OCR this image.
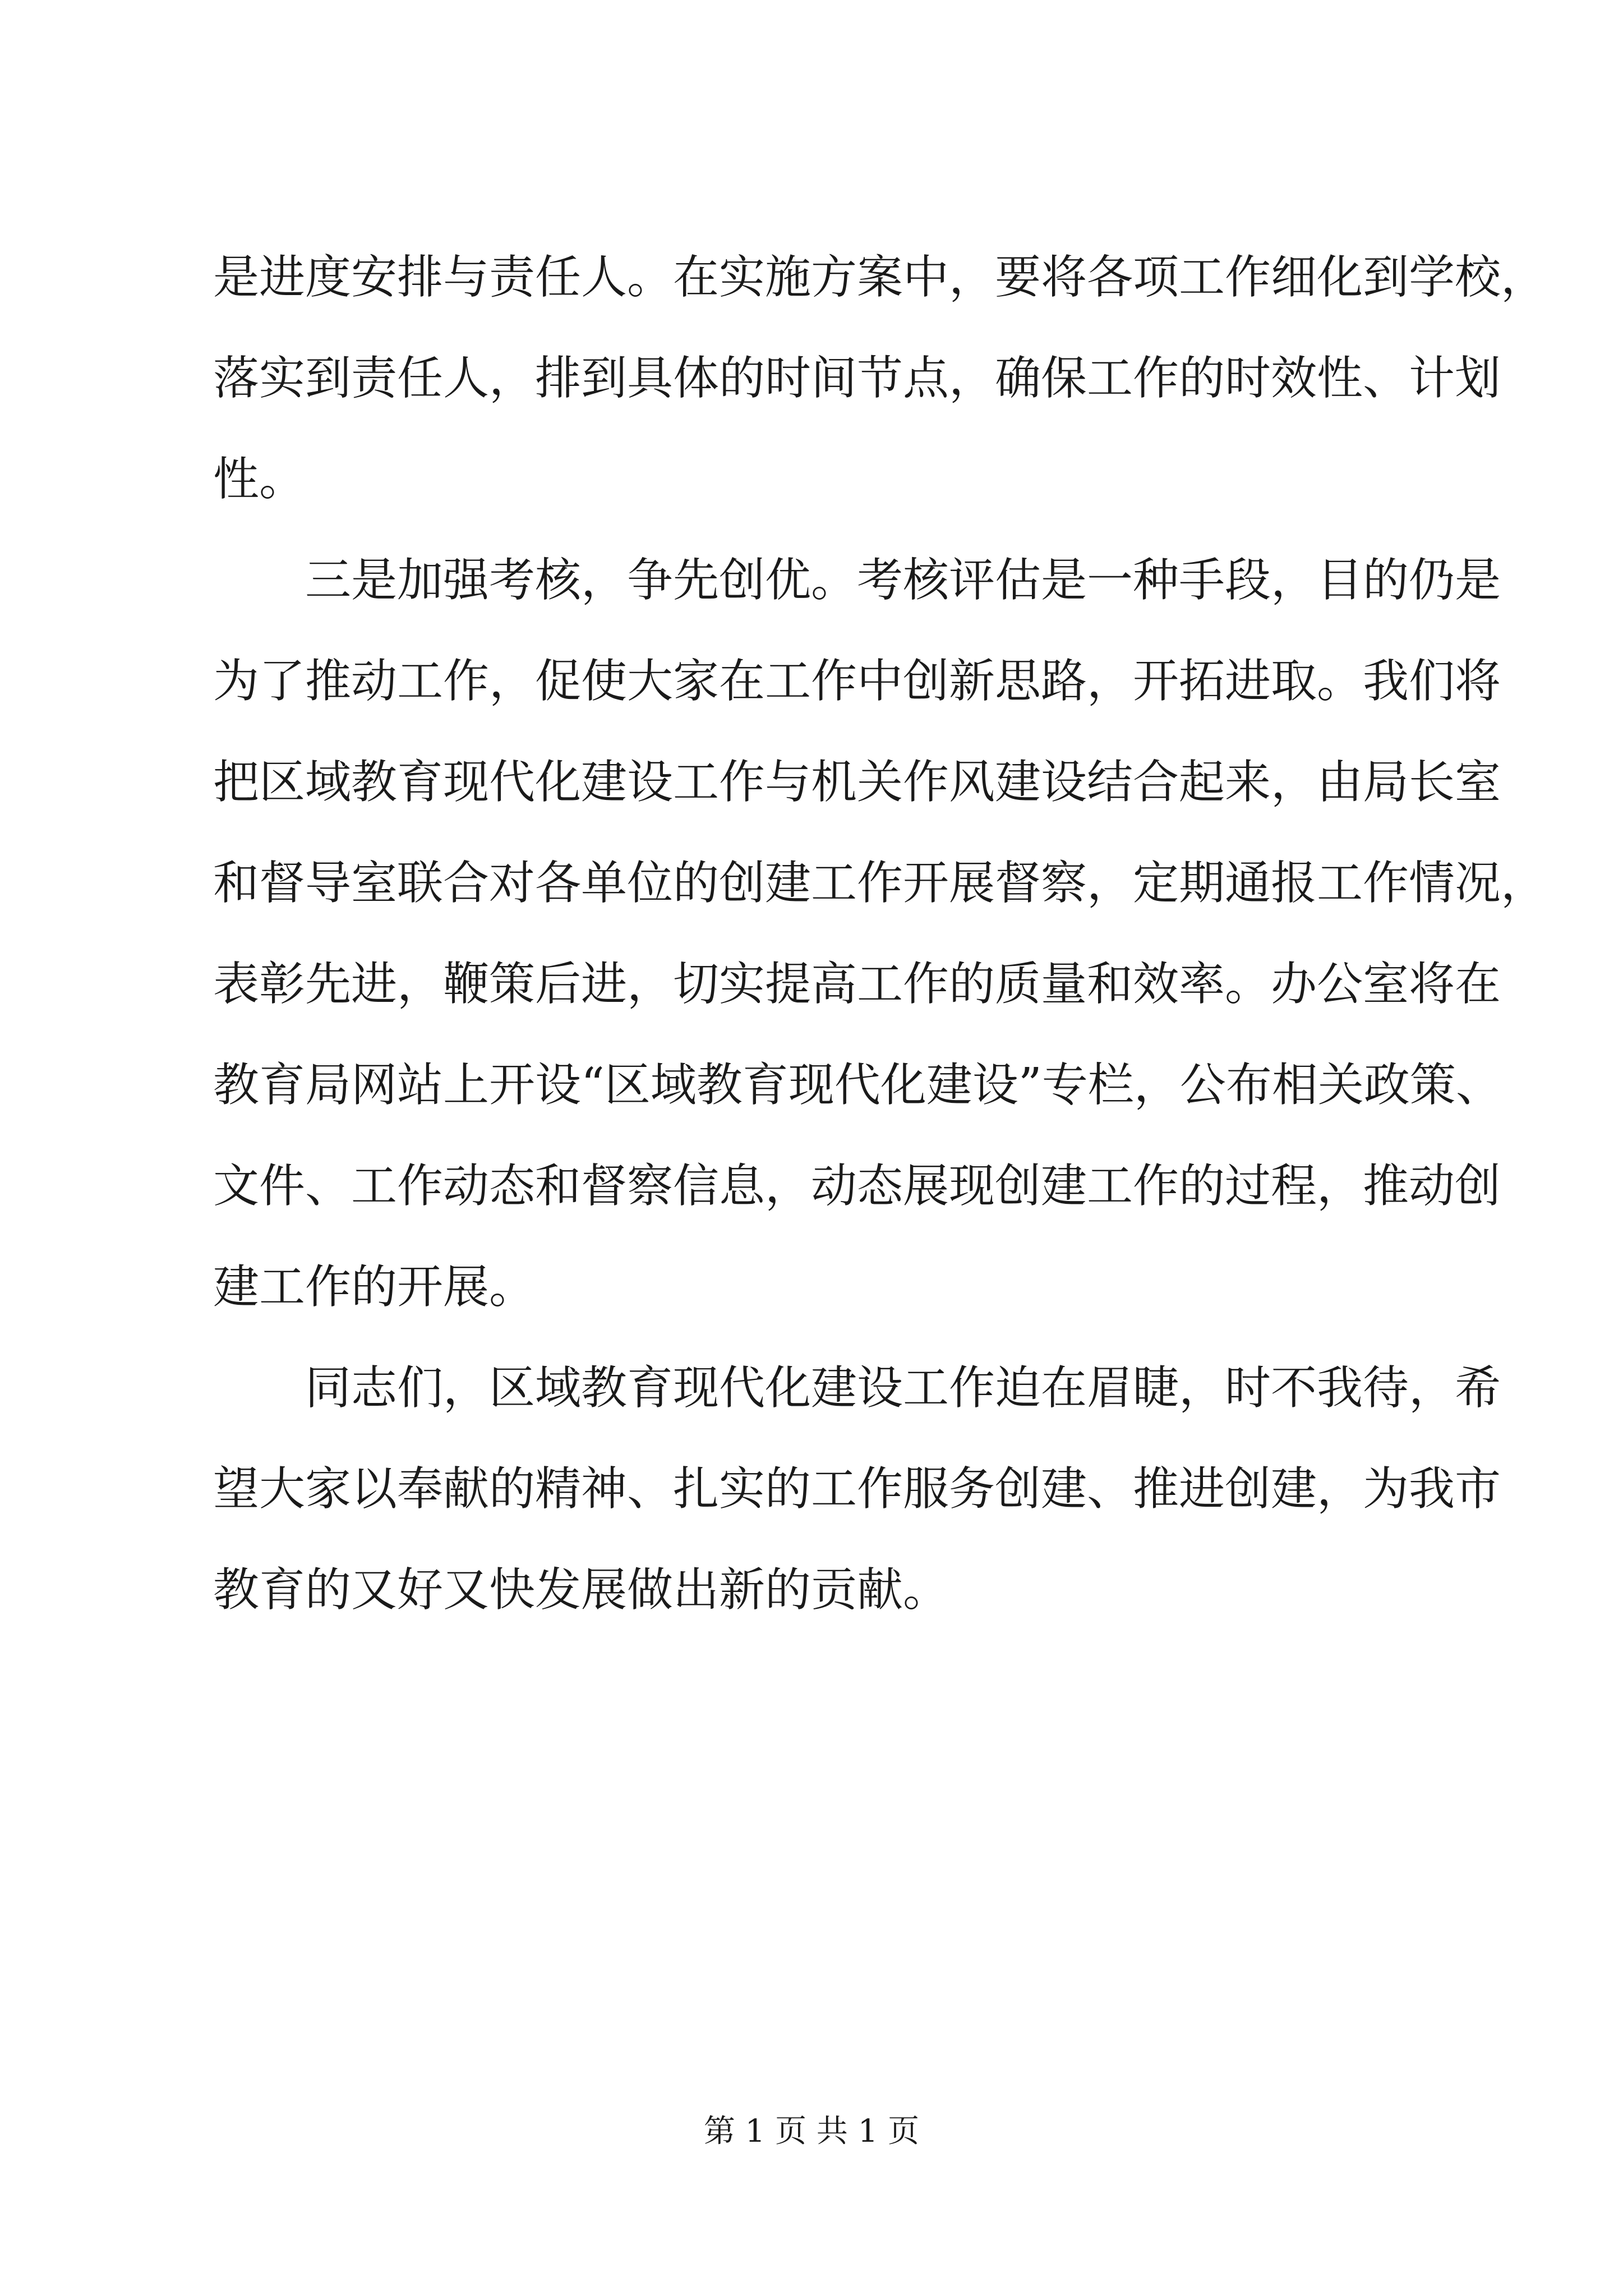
是进度安排与责任人。在实施方案中，要将各项工作细化到学校，
落实到责任人，排到具体的时间节点，确保工作的时效性、计划
性。
三是加强考核，争先创优。考核评估是一种手段，目的仍是
为了推动工作，促使大家在工作中创新思路，开拓进取。我们将
把区域教育现代化建设工作与机关作风建设结合起来，由局长室
和督导室联合对各单位的创建工作开展督察，定期通报工作情况，
表彰先进，鞭策后进，切实提高工作的质量和效率。办公室将在
教育局网站上开设“区域教育现代化建设”专栏，公布相关政策、
文件、工作动态和督察信息，动态展现创建工作的过程，推动创
建工作的开展。
同志们，区域教育现代化建设工作迫在眉睫，时不我待，希
望大家以奉献的精神、扎实的工作服务创建、推进创建，为我市
教育的又好又快发展做出新的贡献。
第 1 页 共 1 页
